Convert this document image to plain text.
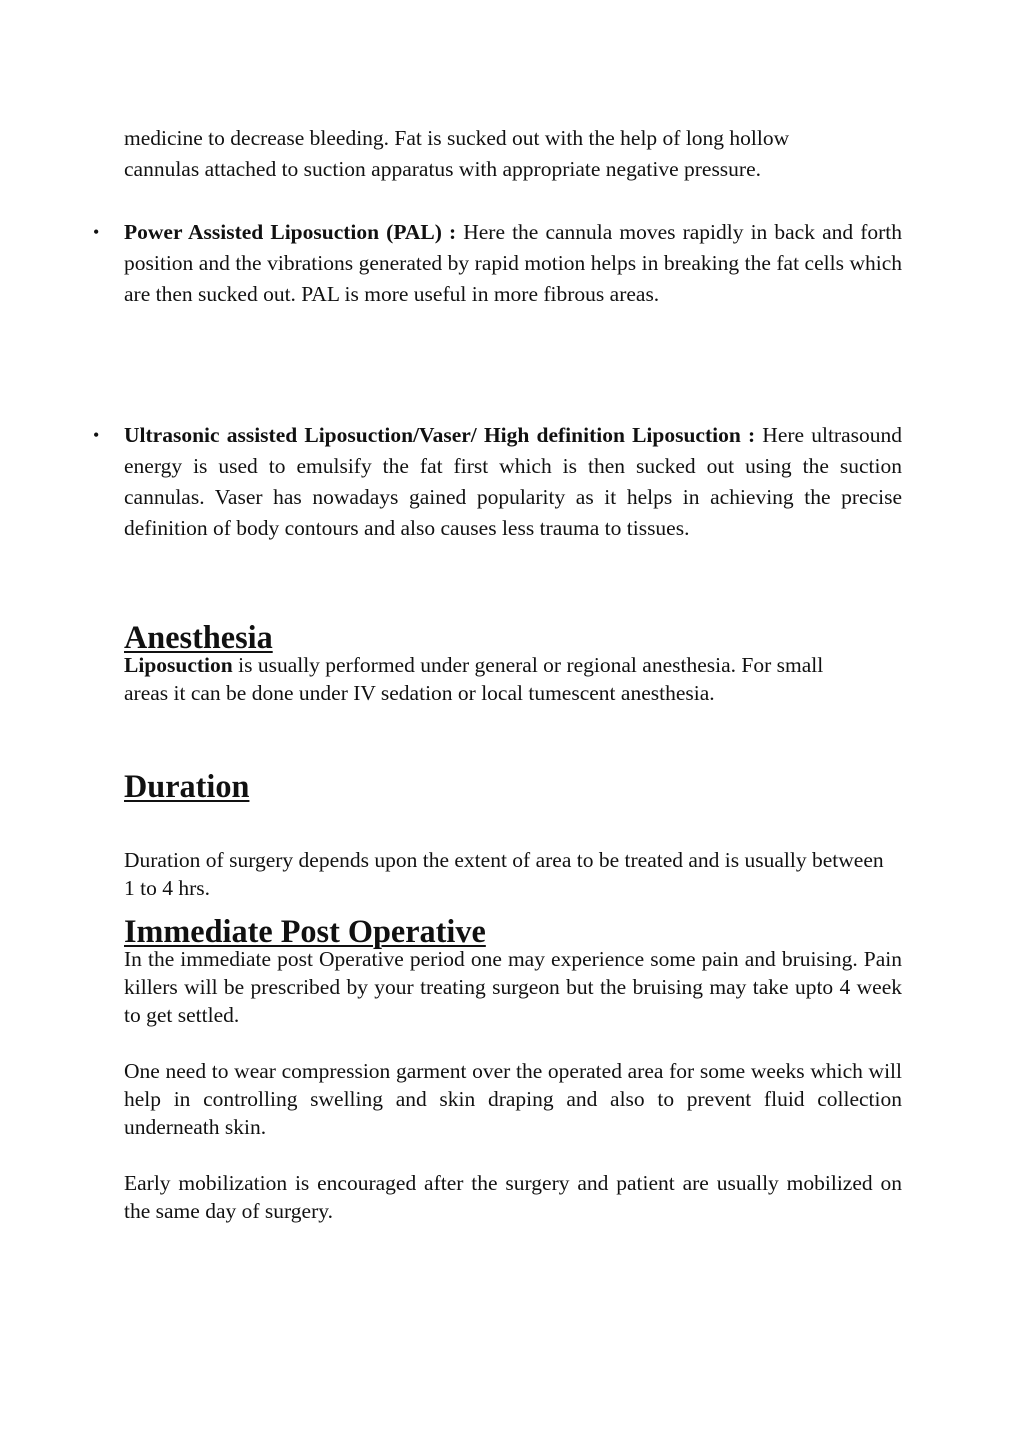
medicine to decrease bleeding. Fat is sucked out with the help of long hollow cannulas attached to suction apparatus with appropriate negative pressure.

• Power Assisted Liposuction (PAL) : Here the cannula moves rapidly in back and forth position and the vibrations generated by rapid motion helps in breaking the fat cells which are then sucked out. PAL is more useful in more fibrous areas.

• Ultrasonic assisted Liposuction/Vaser/ High definition Liposuction : Here ultrasound energy is used to emulsify the fat first which is then sucked out using the suction cannulas. Vaser has nowadays gained popularity as it helps in achieving the precise definition of body contours and also causes less trauma to tissues.

Anesthesia

Liposuction is usually performed under general or regional anesthesia. For small areas it can be done under IV sedation or local tumescent anesthesia.

Duration

Duration of surgery depends upon the extent of area to be treated and is usually between 1 to 4 hrs.

Immediate Post Operative

In the immediate post Operative period one may experience some pain and bruising. Pain killers will be prescribed by your treating surgeon but the bruising may take upto 4 week to get settled.

One need to wear compression garment over the operated area for some weeks which will help in controlling swelling and skin draping and also to prevent fluid collection underneath skin.

Early mobilization is encouraged after the surgery and patient are usually mobilized on the same day of surgery.
